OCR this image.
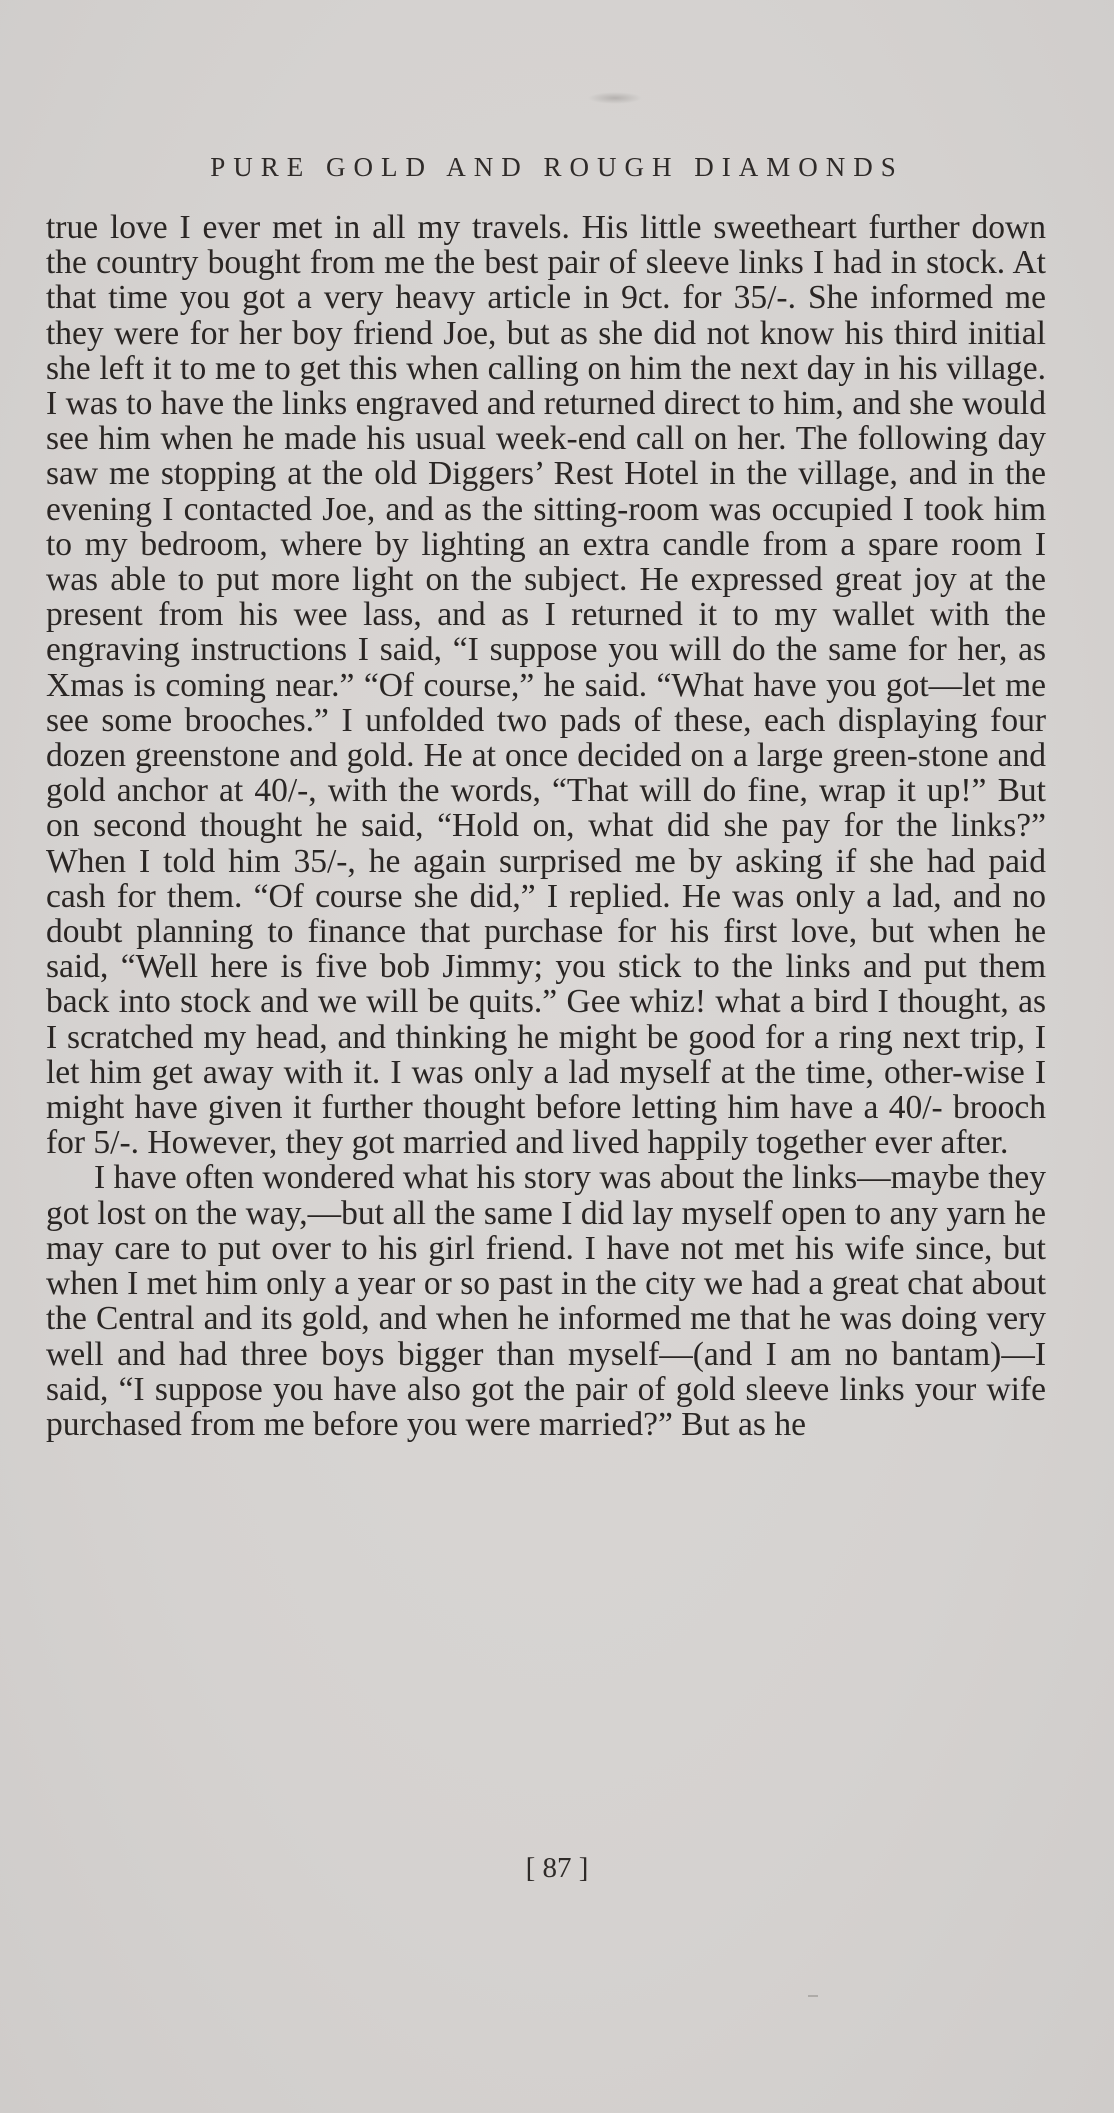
PURE GOLD AND ROUGH DIAMONDS

true love I ever met in all my travels. His little sweetheart further down the country bought from me the best pair of sleeve links I had in stock. At that time you got a very heavy article in 9ct. for 35/-. She informed me they were for her boy friend Joe, but as she did not know his third initial she left it to me to get this when calling on him the next day in his village. I was to have the links engraved and returned direct to him, and she would see him when he made his usual week-end call on her. The following day saw me stopping at the old Diggers’ Rest Hotel in the village, and in the evening I contacted Joe, and as the sitting-room was occupied I took him to my bedroom, where by lighting an extra candle from a spare room I was able to put more light on the subject. He expressed great joy at the present from his wee lass, and as I returned it to my wallet with the engraving instructions I said, “I suppose you will do the same for her, as Xmas is coming near.” “Of course,” he said. “What have you got—let me see some brooches.” I unfolded two pads of these, each displaying four dozen greenstone and gold. He at once decided on a large green-stone and gold anchor at 40/-, with the words, “That will do fine, wrap it up!” But on second thought he said, “Hold on, what did she pay for the links?” When I told him 35/-, he again surprised me by asking if she had paid cash for them. “Of course she did,” I replied. He was only a lad, and no doubt planning to finance that purchase for his first love, but when he said, “Well here is five bob Jimmy; you stick to the links and put them back into stock and we will be quits.” Gee whiz! what a bird I thought, as I scratched my head, and thinking he might be good for a ring next trip, I let him get away with it. I was only a lad myself at the time, other-wise I might have given it further thought before letting him have a 40/- brooch for 5/-. However, they got married and lived happily together ever after.

I have often wondered what his story was about the links—maybe they got lost on the way,—but all the same I did lay myself open to any yarn he may care to put over to his girl friend. I have not met his wife since, but when I met him only a year or so past in the city we had a great chat about the Central and its gold, and when he informed me that he was doing very well and had three boys bigger than myself—(and I am no bantam)—I said, “I suppose you have also got the pair of gold sleeve links your wife purchased from me before you were married?” But as he

[ 87 ]
